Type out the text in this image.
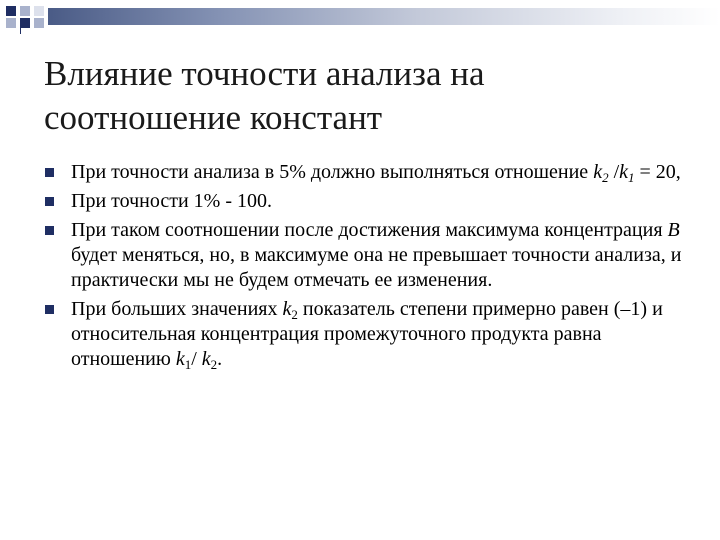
Влияние точности анализа на
соотношение констант
При точности анализа в 5% должно выполняться отношение $k_2$ $/k_1 = 20$,
При точности 1% - 100.
При таком соотношении после достижения максимума концентрация B будет меняться, но, в максимуме она не превышает точности анализа, и практически мы не будем отмечать ее изменения.
При больших значениях $k_2$ показатель степени примерно равен (–1) и относительная концентрация промежуточного продукта равна отношению $k_1/$ $k_2$.
